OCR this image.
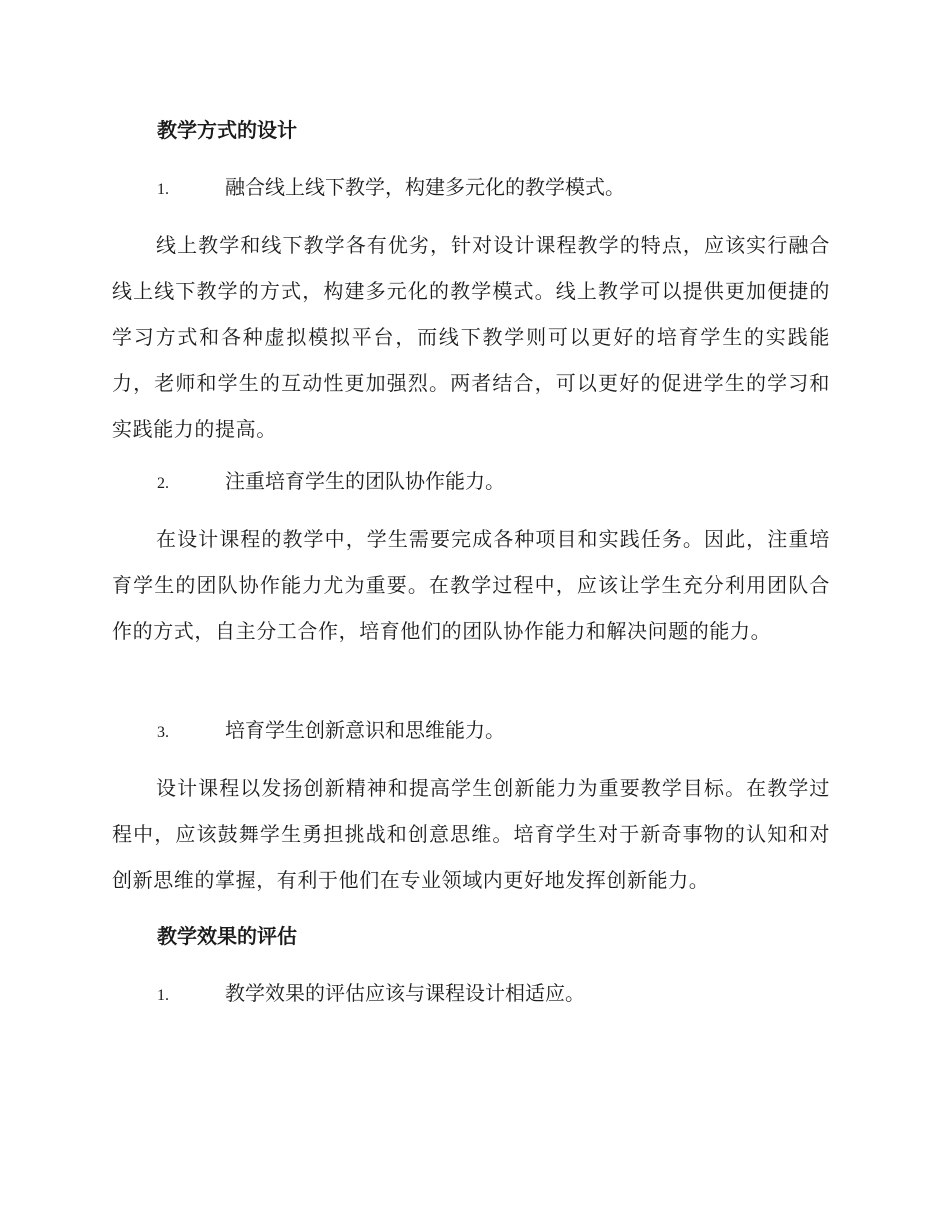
教学方式的设计
1.	融合线上线下教学，构建多元化的教学模式。
线上教学和线下教学各有优劣，针对设计课程教学的特点，应该实行融合线上线下教学的方式，构建多元化的教学模式。线上教学可以提供更加便捷的学习方式和各种虚拟模拟平台，而线下教学则可以更好的培育学生的实践能力，老师和学生的互动性更加强烈。两者结合，可以更好的促进学生的学习和实践能力的提高。
2.	注重培育学生的团队协作能力。
在设计课程的教学中，学生需要完成各种项目和实践任务。因此，注重培育学生的团队协作能力尤为重要。在教学过程中，应该让学生充分利用团队合作的方式，自主分工合作，培育他们的团队协作能力和解决问题的能力。
3.	培育学生创新意识和思维能力。
设计课程以发扬创新精神和提高学生创新能力为重要教学目标。在教学过程中，应该鼓舞学生勇担挑战和创意思维。培育学生对于新奇事物的认知和对创新思维的掌握，有利于他们在专业领域内更好地发挥创新能力。
教学效果的评估
1.	教学效果的评估应该与课程设计相适应。
